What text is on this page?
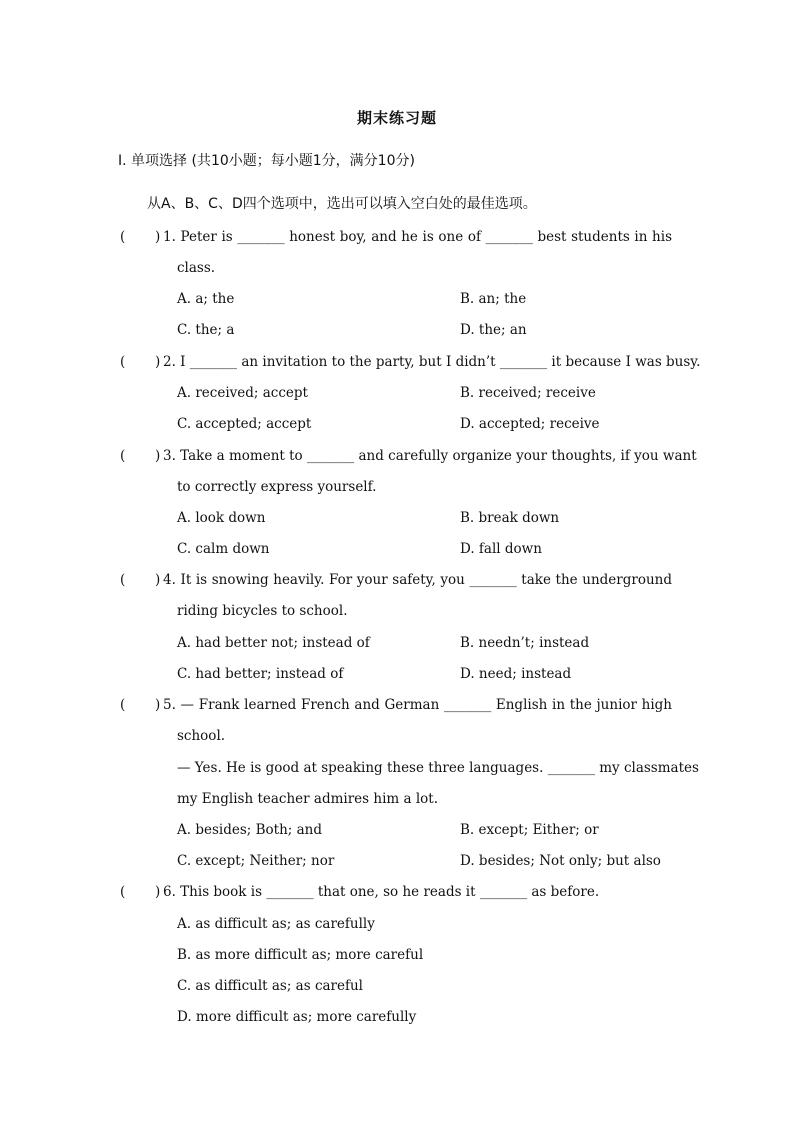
期末练习题
I. 单项选择 (共10小题；每小题1分，满分10分)
从A、B、C、D四个选项中，选出可以填入空白处的最佳选项。
( ) 1. Peter is _______ honest boy, and he is one of _______ best students in his
class.
A. a; the	B. an; the
C. the; a	D. the; an
( ) 2. I _______ an invitation to the party, but I didn’t _______ it because I was busy.
A. received; accept	B. received; receive
C. accepted; accept	D. accepted; receive
( ) 3. Take a moment to _______ and carefully organize your thoughts, if you want
to correctly express yourself.
A. look down	B. break down
C. calm down	D. fall down
( ) 4. It is snowing heavily. For your safety, you _______ take the underground
riding bicycles to school.
A. had better not; instead of	B. needn’t; instead
C. had better; instead of	D. need; instead
( ) 5. — Frank learned French and German _______ English in the junior high
school.
— Yes. He is good at speaking these three languages. _______ my classmates
my English teacher admires him a lot.
A. besides; Both; and	B. except; Either; or
C. except; Neither; nor	D. besides; Not only; but also
( ) 6. This book is _______ that one, so he reads it _______ as before.
A. as difficult as; as carefully
B. as more difficult as; more careful
C. as difficult as; as careful
D. more difficult as; more carefully
